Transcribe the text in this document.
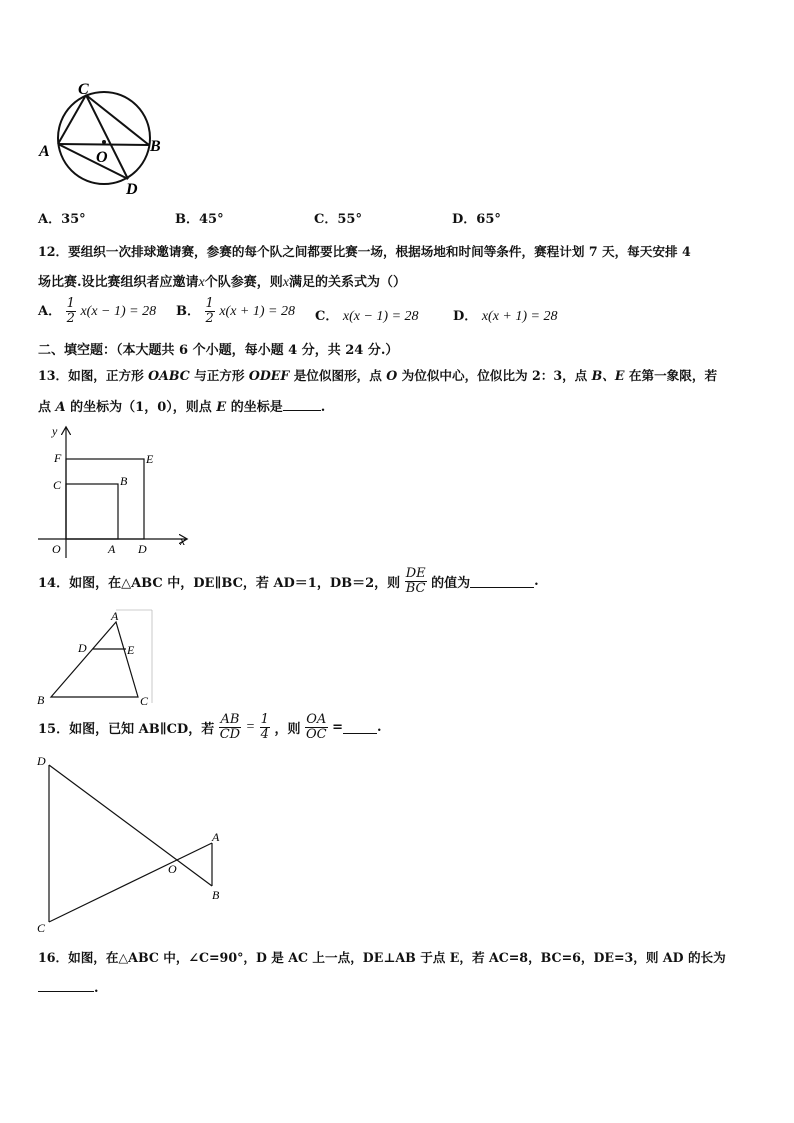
C
A	O
B
D
A．35°	B．45°	C．55°	D．65°
12．要组织一次排球邀请赛，参赛的每个队之间都要比赛一场，根据场地和时间等条件，赛程计划 7 天，每天安排 4
场比赛.设比赛组织者应邀请x个队参赛，则x满足的关系式为（）
A． $\frac{1}{2} x(x - 1) = 28$ B． $\frac{1}{2} x(x + 1) = 28$ C． x(x − 1) = 28	D． x(x + 1) = 28
二、填空题：（本大题共 6 个小题，每小题 4 分，共 24 分.）
13．如图，正方形 OABC 与正方形 ODEF 是位似图形，点 O 为位似中心，位似比为 2：3，点 B、E 在第一象限，若
点 A 的坐标为（1，0），则点 E 的坐标是	.
y
F	E
C	B
O	A D
x
14．如图，在△ABC 中，DE∥BC，若 AD＝1，DB＝2，则 $\frac{DE}{BC}$ 的值为	.
A
D	E
B	C
15．如图，已知 AB∥CD，若 $\frac{AB}{CD} = \frac{1}{4}$ ，则 $\frac{OA}{OC}$ =	.
D
A
O
B
C
16．如图，在△ABC 中，∠C=90°，D 是 AC 上一点，DE⊥AB 于点 E，若 AC=8，BC=6，DE=3，则 AD 的长为
.
